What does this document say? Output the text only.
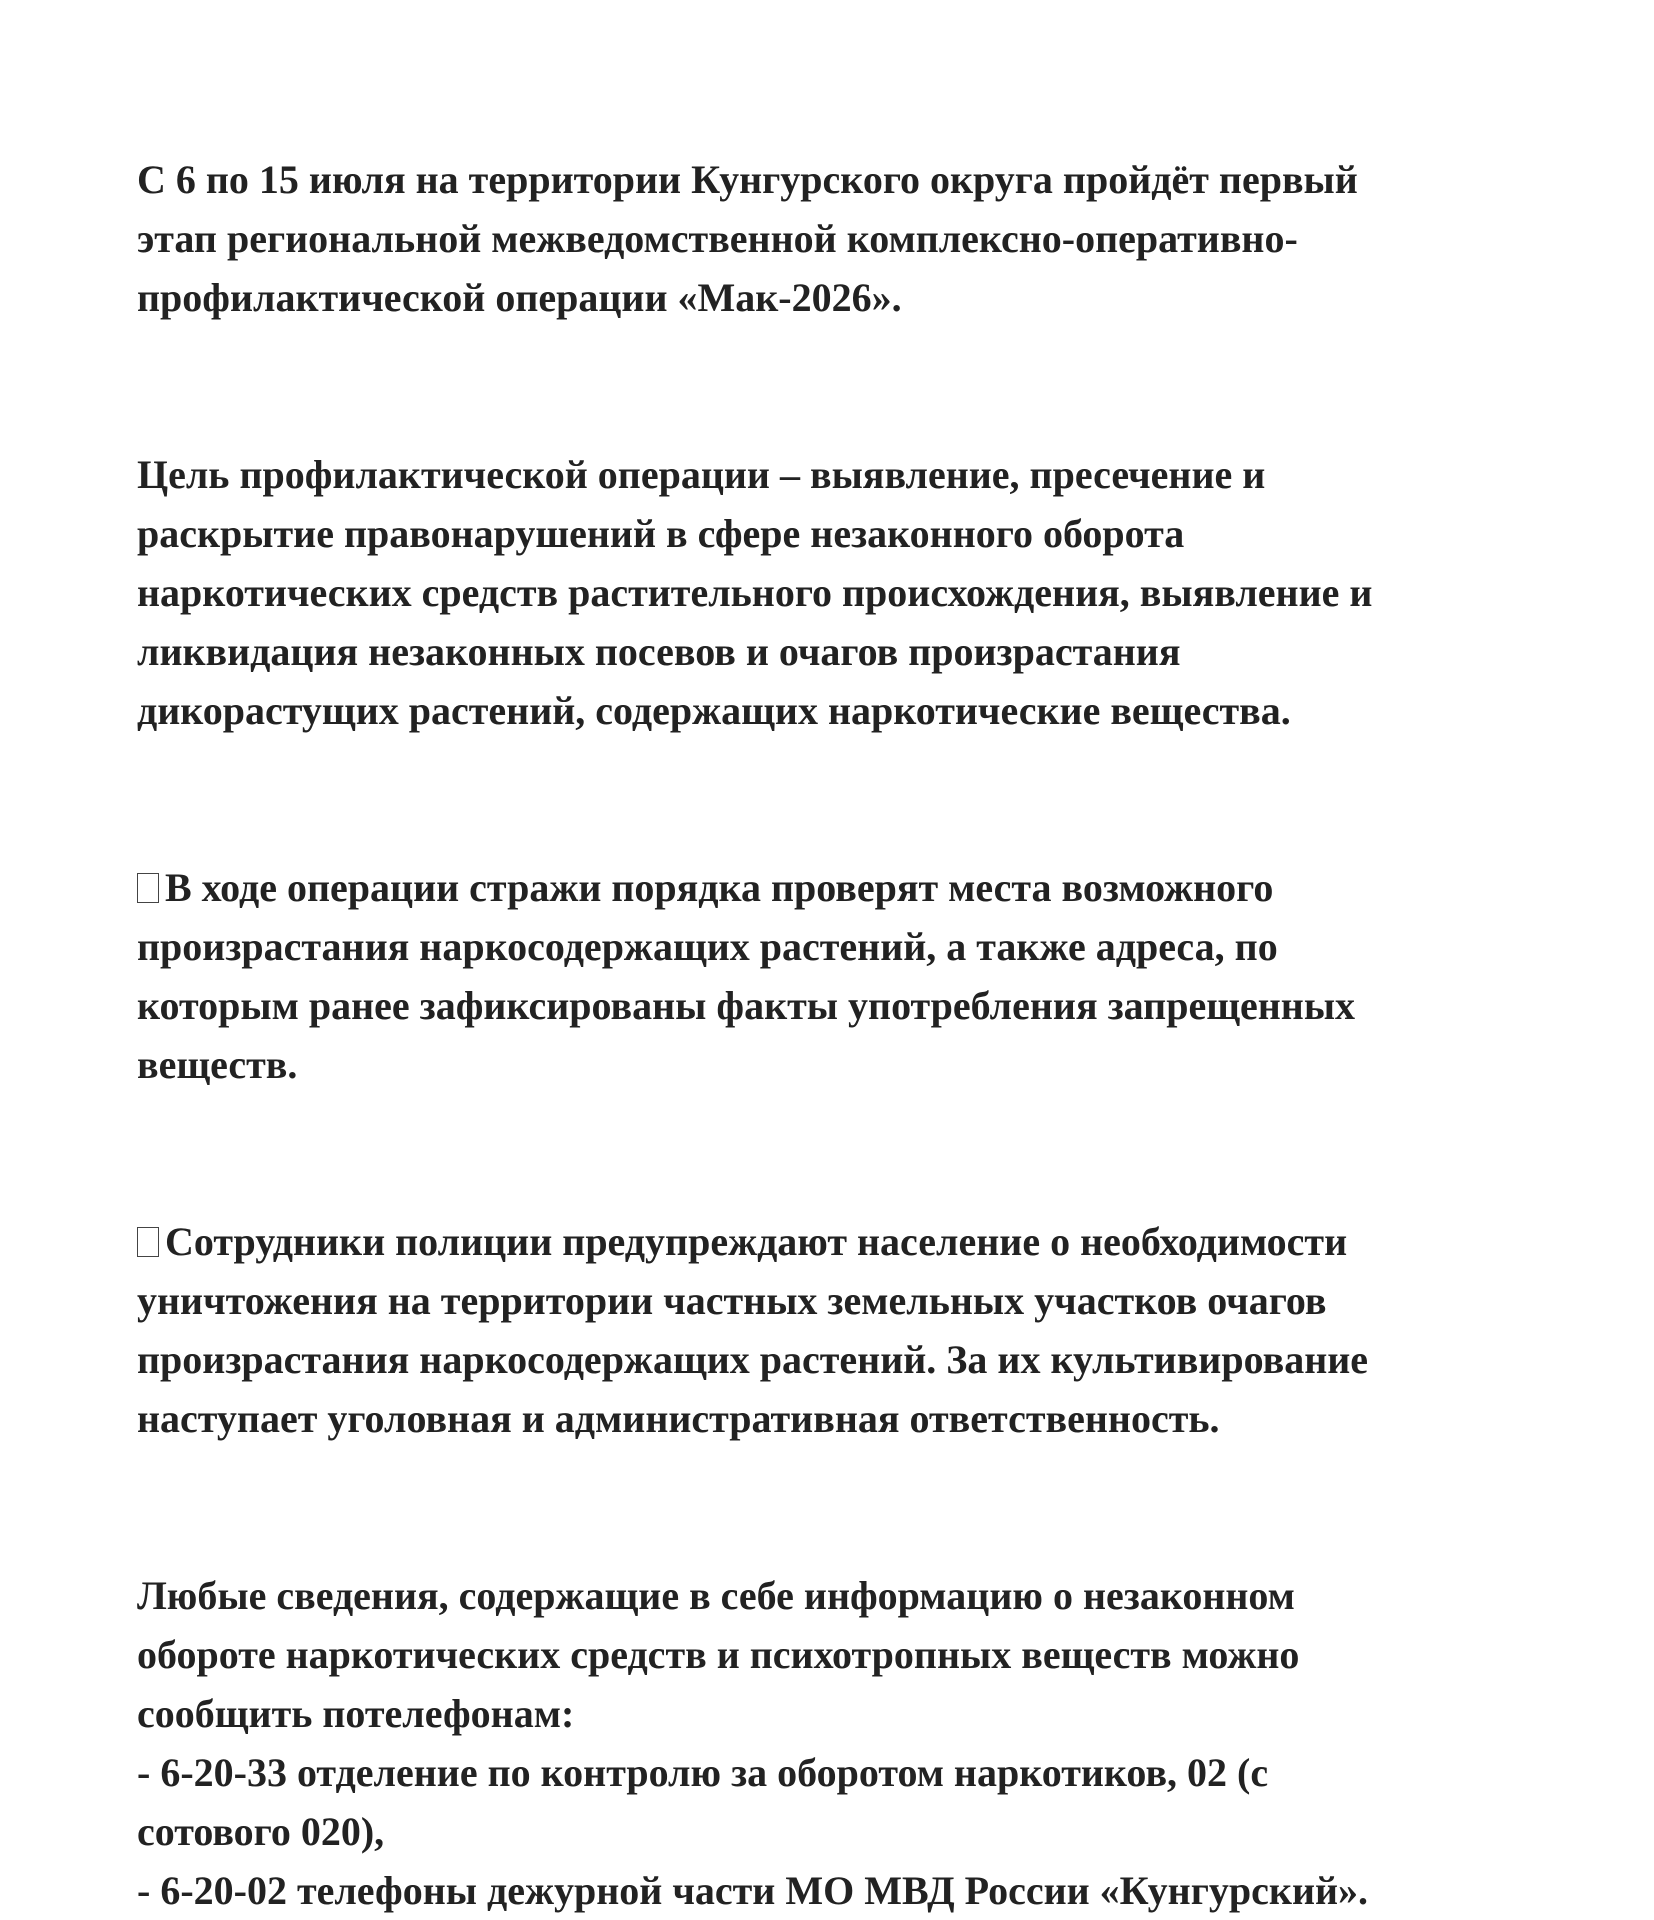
С 6 по 15 июля на территории Кунгурского округа пройдёт первый
этап региональной межведомственной комплексно-оперативно-
профилактической операции «Мак-2026».

Цель профилактической операции – выявление, пресечение и
раскрытие правонарушений в сфере незаконного оборота
наркотических средств растительного происхождения, выявление и
ликвидация незаконных посевов и очагов произрастания
дикорастущих растений, содержащих наркотические вещества.

В ходе операции стражи порядка проверят места возможного
произрастания наркосодержащих растений, а также адреса, по
которым ранее зафиксированы факты употребления запрещенных
веществ.

Сотрудники полиции предупреждают население о необходимости
уничтожения на территории частных земельных участков очагов
произрастания наркосодержащих растений. За их культивирование
наступает уголовная и административная ответственность.

Любые сведения, содержащие в себе информацию о незаконном
обороте наркотических средств и психотропных веществ можно
сообщить потелефонам:
- 6-20-33 отделение по контролю за оборотом наркотиков, 02 (с
сотового 020),
- 6-20-02 телефоны дежурной части МО МВД России «Кунгурский».
